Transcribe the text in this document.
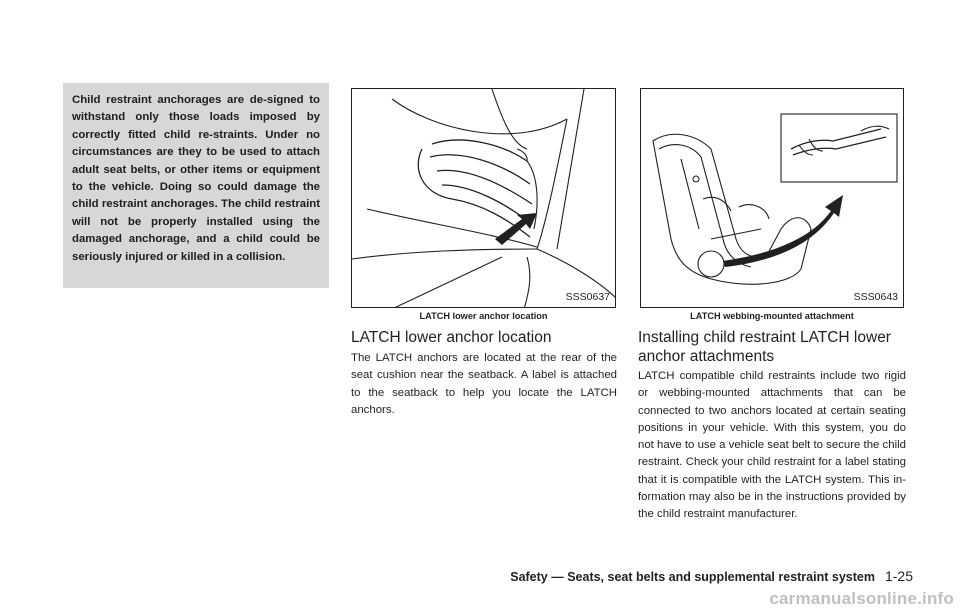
Child restraint anchorages are de-signed to withstand only those loads imposed by correctly fitted child re-straints. Under no circumstances are they to be used to attach adult seat belts, or other items or equipment to the vehicle. Doing so could damage the child restraint anchorages. The child restraint will not be properly installed using the damaged anchorage, and a child could be seriously injured or killed in a collision.

SSS0637
LATCH lower anchor location
SSS0643
LATCH webbing-mounted attachment
LATCH lower anchor location

The LATCH anchors are located at the rear of the seat cushion near the seatback. A label is attached to the seatback to help you locate the LATCH anchors.

Installing child restraint LATCH lower anchor attachments

LATCH compatible child restraints include two rigid or webbing-mounted attachments that can be connected to two anchors located at certain seating positions in your vehicle. With this system, you do not have to use a vehicle seat belt to secure the child restraint. Check your child restraint for a label stating that it is compatible with the LATCH system. This in-formation may also be in the instructions provided by the child restraint manufacturer.

Safety — Seats, seat belts and supplemental restraint system 1-25
carmanualsonline.info
